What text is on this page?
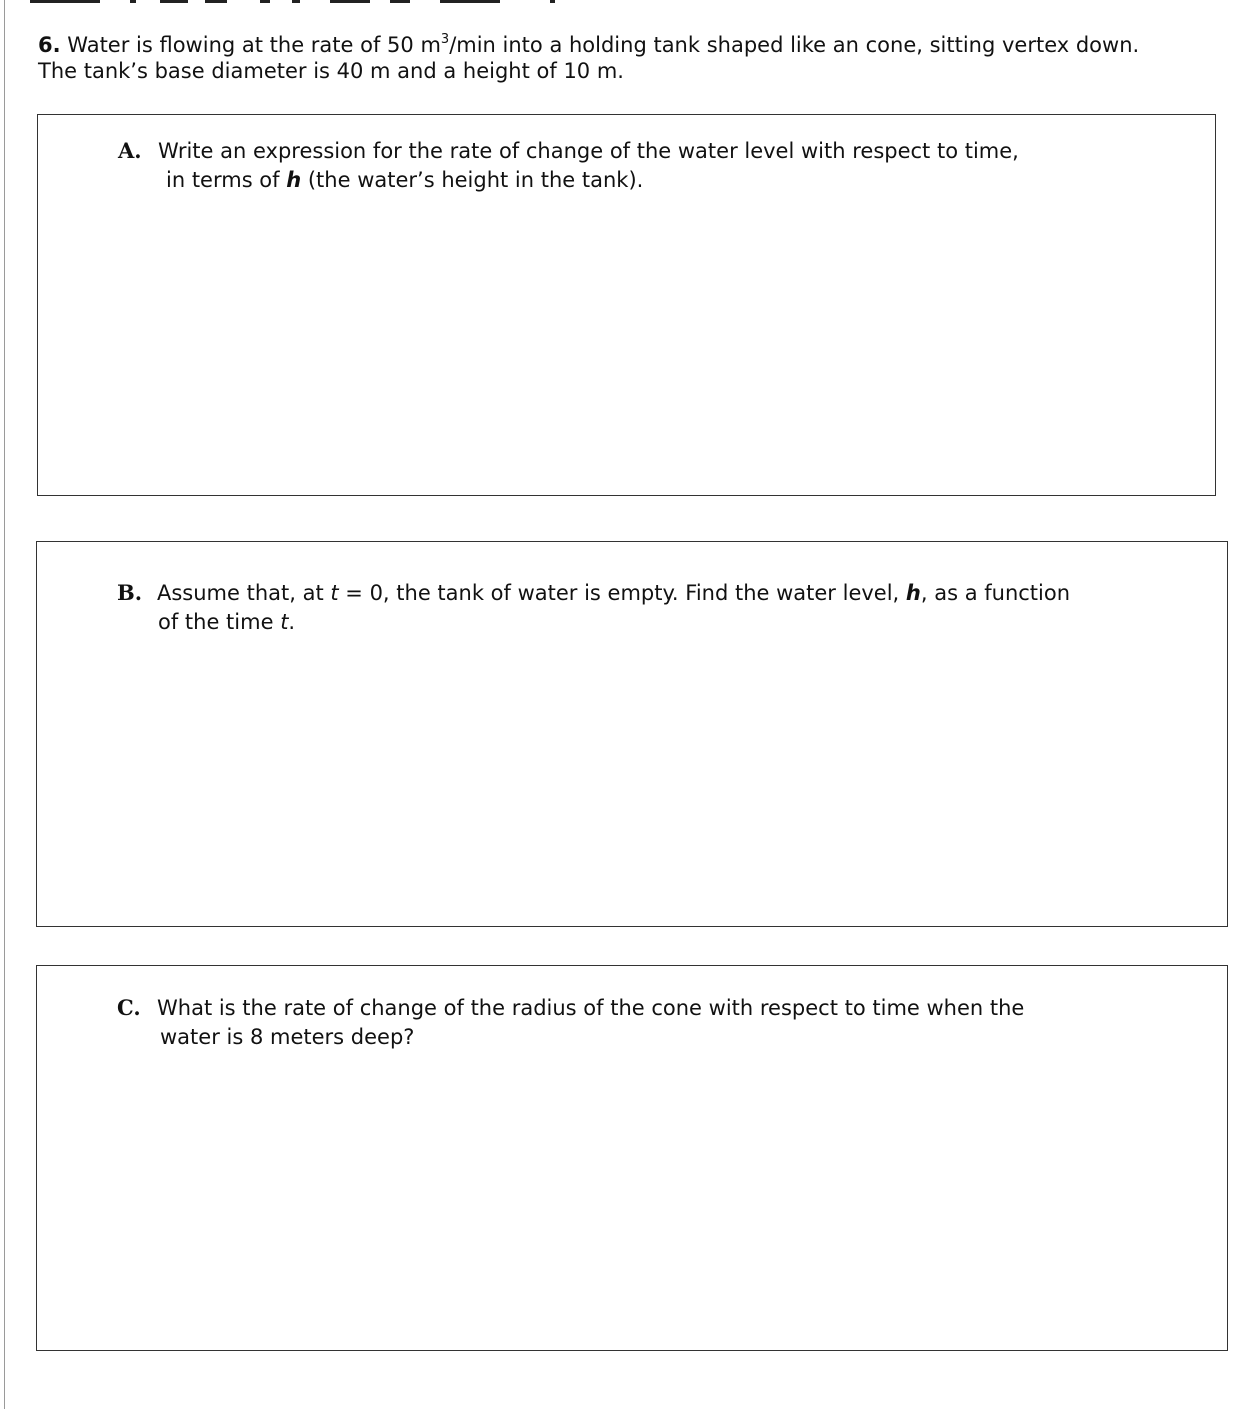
6. Water is flowing at the rate of 50 $m^3/\min$ into a holding tank shaped like an cone, sitting vertex down.
The tank’s base diameter is 40 m and a height of 10 m.
A. Write an expression for the rate of change of the water level with respect to time,
in terms of h (the water’s height in the tank).
B. Assume that, at t = 0, the tank of water is empty. Find the water level, h, as a function
of the time t.
C. What is the rate of change of the radius of the cone with respect to time when the
water is 8 meters deep?
